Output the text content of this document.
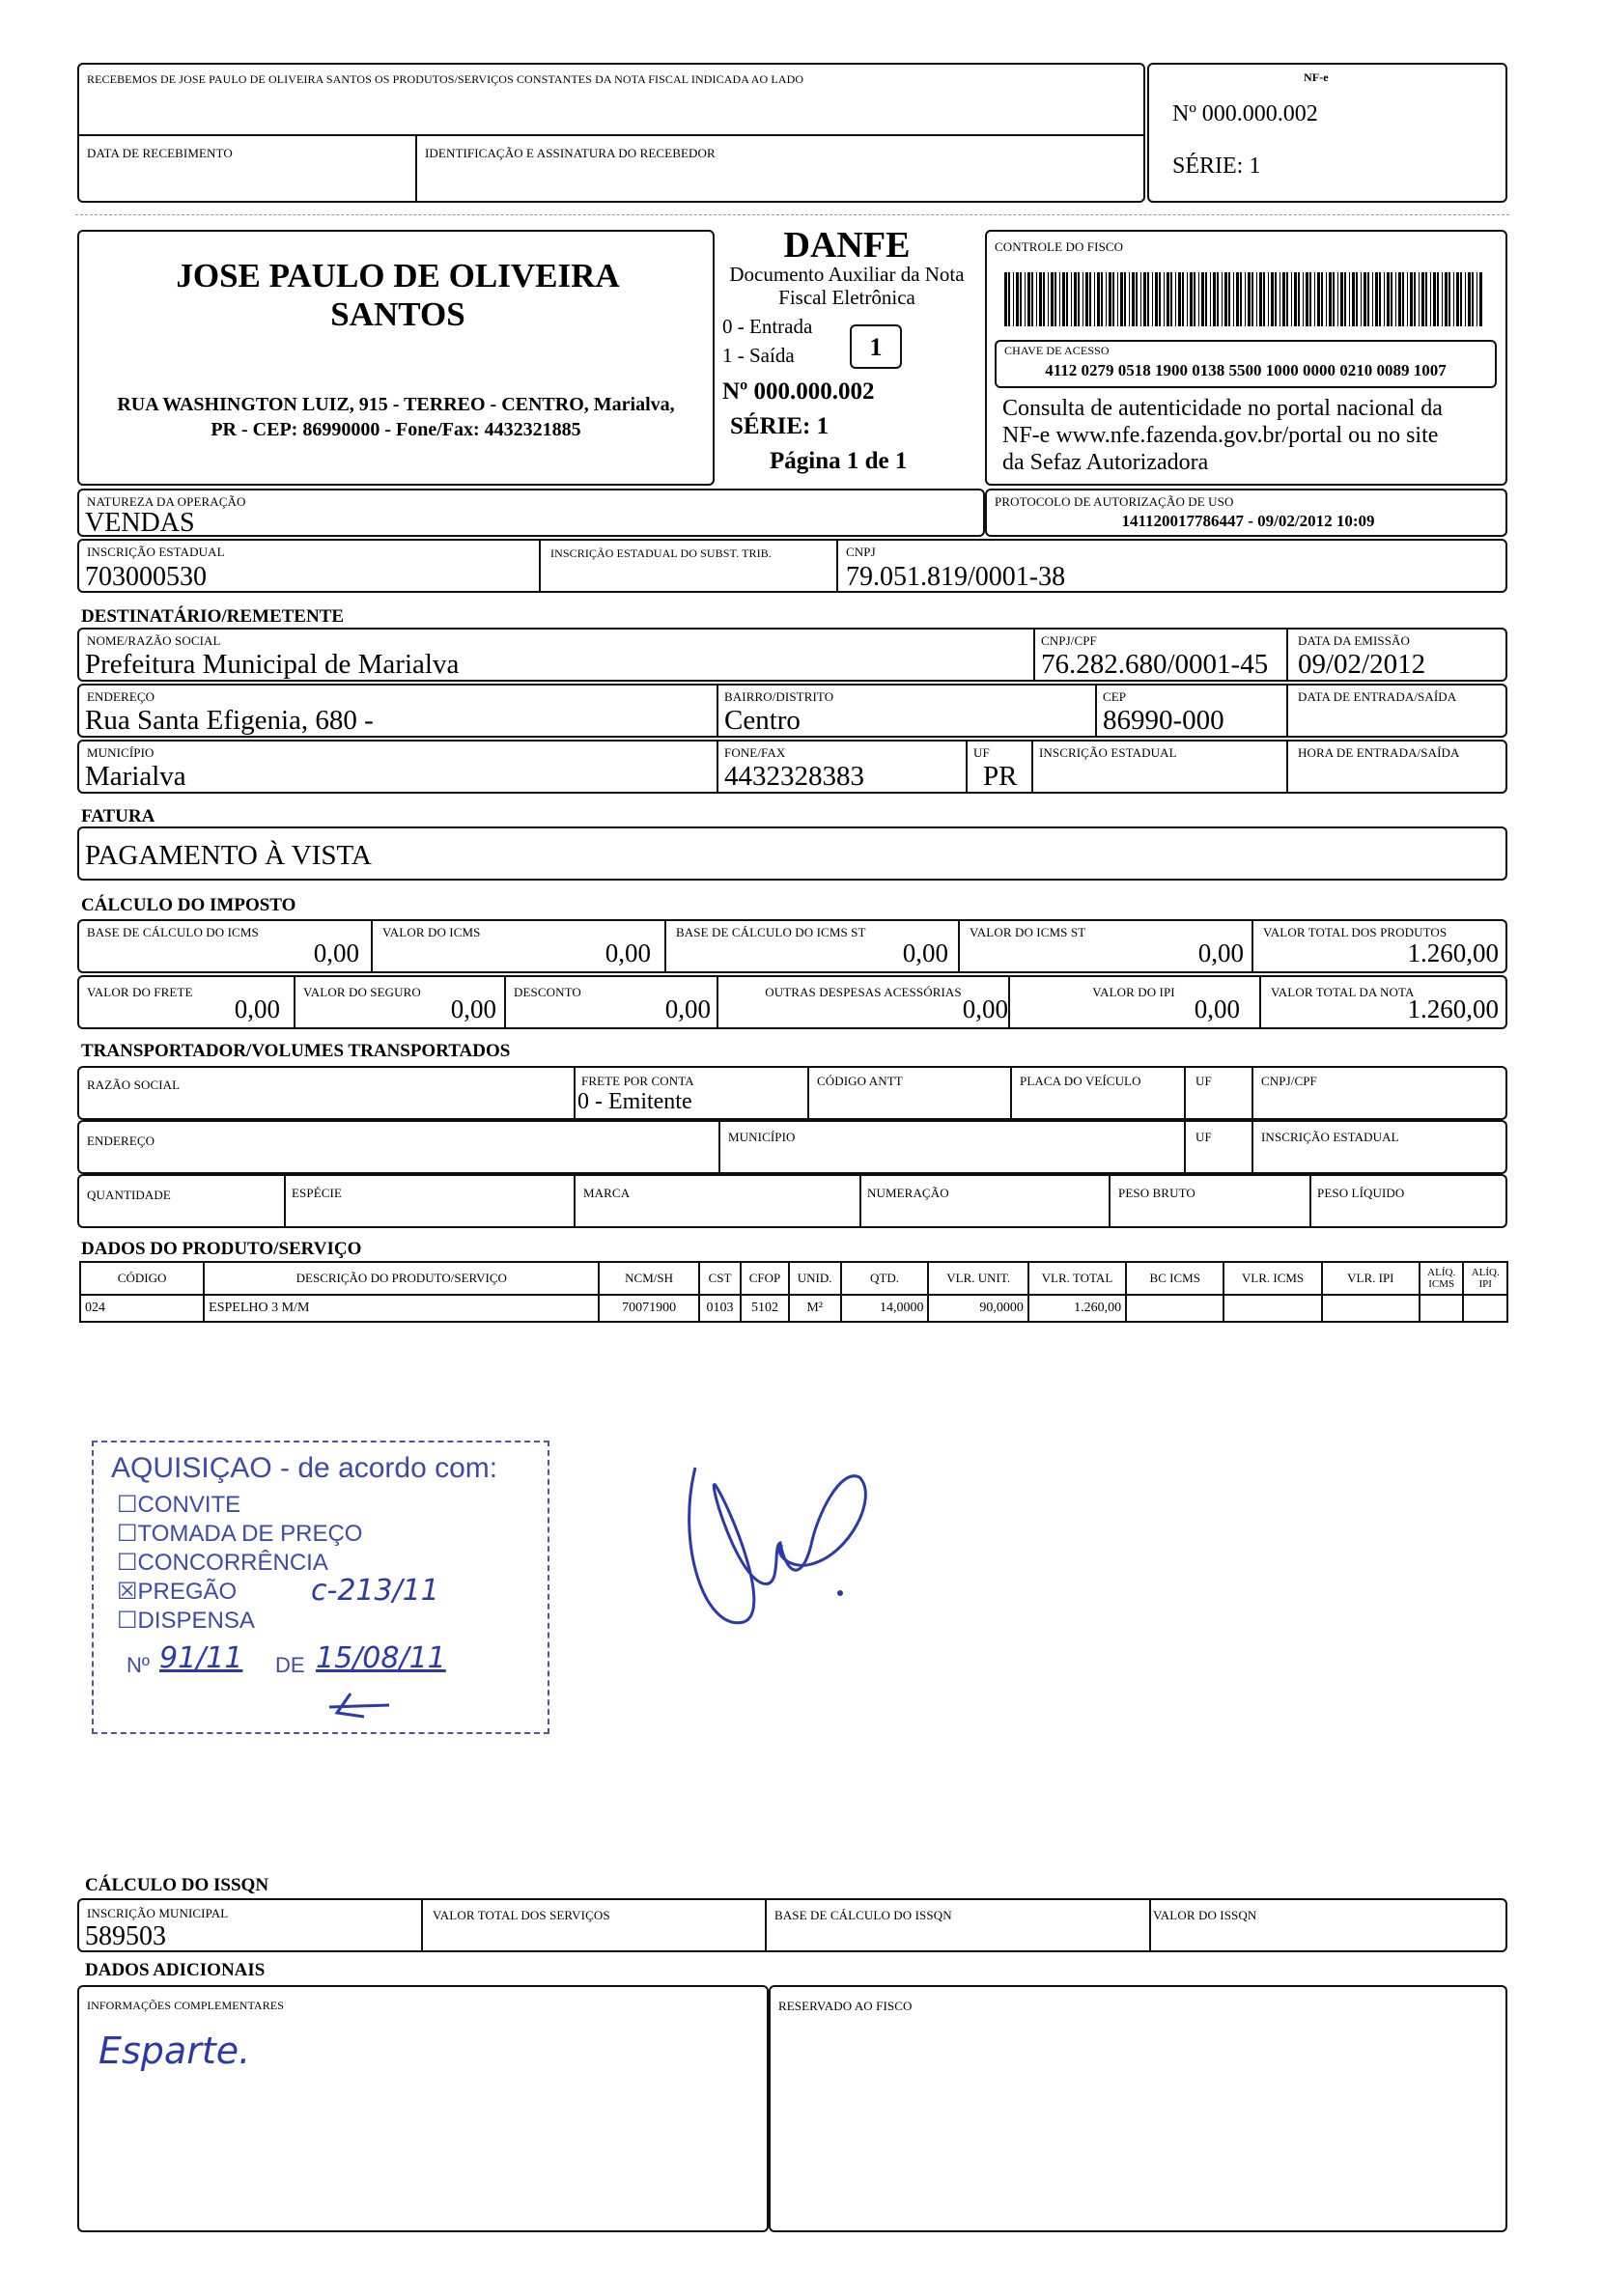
RECEBEMOS DE JOSE PAULO DE OLIVEIRA SANTOS OS PRODUTOS/SERVIÇOS CONSTANTES DA NOTA FISCAL INDICADA AO LADO
DATA DE RECEBIMENTO	IDENTIFICAÇÃO E ASSINATURA DO RECEBEDOR
NF-e
Nº 000.000.002
SÉRIE: 1
JOSE PAULO DE OLIVEIRA
SANTOS
RUA WASHINGTON LUIZ, 915 - TERREO - CENTRO, Marialva,
PR - CEP: 86990000 - Fone/Fax: 4432321885
DANFE
Documento Auxiliar da Nota
Fiscal Eletrônica
0 - Entrada
1 - Saída	1
Nº 000.000.002
SÉRIE: 1
Página 1 de 1
CONTROLE DO FISCO
CHAVE DE ACESSO
4112 0279 0518 1900 0138 5500 1000 0000 0210 0089 1007
Consulta de autenticidade no portal nacional da
NF-e www.nfe.fazenda.gov.br/portal ou no site
da Sefaz Autorizadora
NATUREZA DA OPERAÇÃO
VENDAS
PROTOCOLO DE AUTORIZAÇÃO DE USO
141120017786447 - 09/02/2012 10:09
INSCRIÇÃO ESTADUAL
703000530
INSCRIÇÃO ESTADUAL DO SUBST. TRIB.	CNPJ
79.051.819/0001-38
DESTINATÁRIO/REMETENTE
NOME/RAZÃO SOCIAL
Prefeitura Municipal de Marialva
CNPJ/CPF
76.282.680/0001-45
DATA DA EMISSÃO
09/02/2012
ENDEREÇO
Rua Santa Efigenia, 680 -
BAIRRO/DISTRITO
Centro
CEP
86990-000
DATA DE ENTRADA/SAÍDA
MUNICÍPIO
Marialva
FONE/FAX
4432328383
UF
PR
INSCRIÇÃO ESTADUAL	HORA DE ENTRADA/SAÍDA
FATURA
PAGAMENTO À VISTA
CÁLCULO DO IMPOSTO
BASE DE CÁLCULO DO ICMS
0,00
VALOR DO ICMS
0,00
BASE DE CÁLCULO DO ICMS ST
0,00
VALOR DO ICMS ST
0,00
VALOR TOTAL DOS PRODUTOS
1.260,00
VALOR DO FRETE
0,00
VALOR DO SEGURO
0,00
DESCONTO
0,00
OUTRAS DESPESAS ACESSÓRIAS
0,00
VALOR DO IPI
0,00
VALOR TOTAL DA NOTA
1.260,00
TRANSPORTADOR/VOLUMES TRANSPORTADOS
RAZÃO SOCIAL	FRETE POR CONTA
0 - Emitente
CÓDIGO ANTT	PLACA DO VEÍCULO	UF	CNPJ/CPF
ENDEREÇO	MUNICÍPIO	UF	INSCRIÇÃO ESTADUAL
QUANTIDADE	ESPÉCIE	MARCA	NUMERAÇÃO	PESO BRUTO	PESO LÍQUIDO
DADOS DO PRODUTO/SERVIÇO
CÓDIGO	DESCRIÇÃO DO PRODUTO/SERVIÇO	NCM/SH	CST	CFOP	UNID.	QTD.	VLR. UNIT.	VLR. TOTAL	BC ICMS	VLR. ICMS	VLR. IPI	ALÍQ. ICMS	ALÍQ. IPI
024	ESPELHO 3 M/M	70071900	0103	5102	M²	14,0000	90,0000	1.260,00					
AQUISIÇAO - de acordo com:
☐CONVITE
☐TOMADA DE PREÇO
☐CONCORRÊNCIA
☒PREGÃO	c-213/11
☐DISPENSA
Nº 91/11 DE 15/08/11
CÁLCULO DO ISSQN
INSCRIÇÃO MUNICIPAL
589503
VALOR TOTAL DOS SERVIÇOS	BASE DE CÁLCULO DO ISSQN	VALOR DO ISSQN
DADOS ADICIONAIS
INFORMAÇÕES COMPLEMENTARES
Esparte.
RESERVADO AO FISCO
